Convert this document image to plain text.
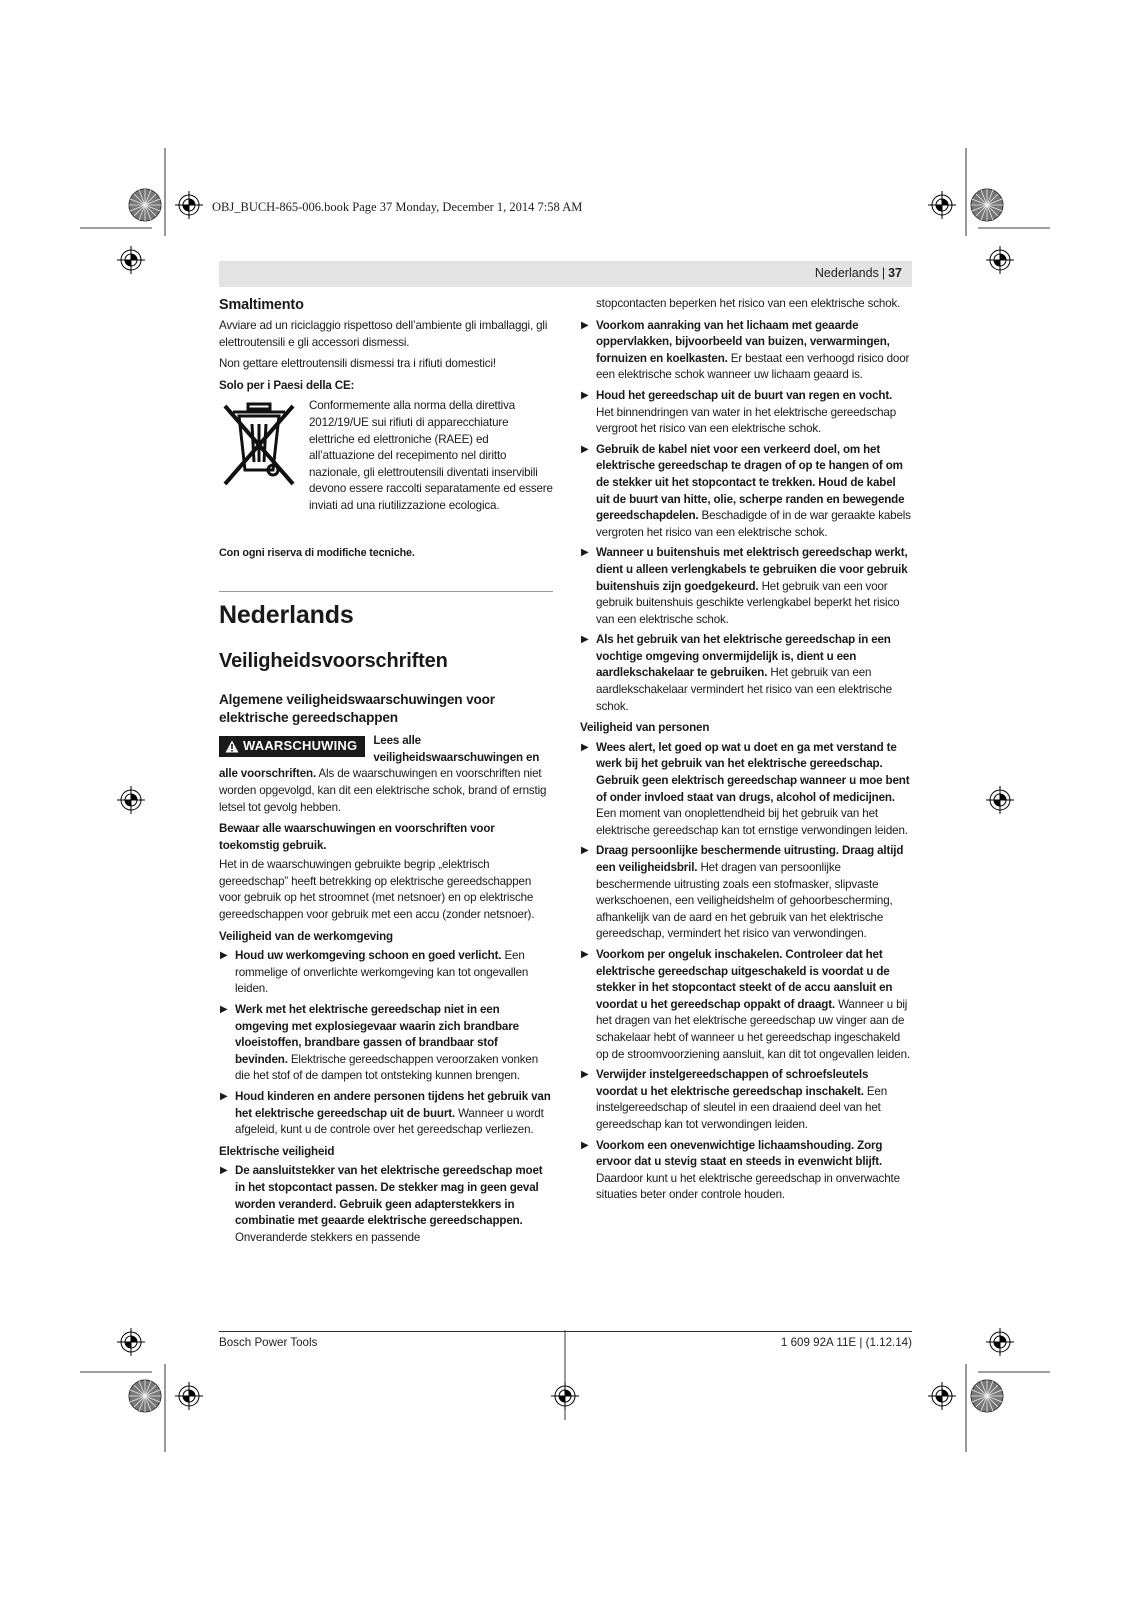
OBJ_BUCH-865-006.book Page 37 Monday, December 1, 2014 7:58 AM
Nederlands | 37
Smaltimento

Avviare ad un riciclaggio rispettoso dell’ambiente gli imballaggi, gli elettroutensili e gli accessori dismessi.

Non gettare elettroutensili dismessi tra i rifiuti domestici!

Solo per i Paesi della CE:
Conformemente alla norma della direttiva 2012/19/UE sui rifiuti di apparecchiature elettriche ed elettroniche (RAEE) ed all’attuazione del recepimento nel diritto nazionale, gli elettroutensili diventati inservibili devono essere raccolti separatamente ed essere inviati ad una riutilizzazione ecologica.
Con ogni riserva di modifiche tecniche.
Nederlands
Veiligheidsvoorschriften
Algemene veiligheidswaarschuwingen voor elektrische gereedschappen

WAARSCHUWING Lees alle veiligheidswaarschuwingen en alle voorschriften. Als de waarschuwingen en voorschriften niet worden opgevolgd, kan dit een elektrische schok, brand of ernstig letsel tot gevolg hebben.

Bewaar alle waarschuwingen en voorschriften voor toekomstig gebruik.

Het in de waarschuwingen gebruikte begrip „elektrisch gereedschap” heeft betrekking op elektrische gereedschappen voor gebruik op het stroomnet (met netsnoer) en op elektrische gereedschappen voor gebruik met een accu (zonder netsnoer).

Veiligheid van de werkomgeving
▶ Houd uw werkomgeving schoon en goed verlicht. Een rommelige of onverlichte werkomgeving kan tot ongevallen leiden.
▶ Werk met het elektrische gereedschap niet in een omgeving met explosiegevaar waarin zich brandbare vloeistoffen, brandbare gassen of brandbaar stof bevinden. Elektrische gereedschappen veroorzaken vonken die het stof of de dampen tot ontsteking kunnen brengen.
▶ Houd kinderen en andere personen tijdens het gebruik van het elektrische gereedschap uit de buurt. Wanneer u wordt afgeleid, kunt u de controle over het gereedschap verliezen.
Elektrische veiligheid
▶ De aansluitstekker van het elektrische gereedschap moet in het stopcontact passen. De stekker mag in geen geval worden veranderd. Gebruik geen adapterstekkers in combinatie met geaarde elektrische gereedschappen. Onveranderde stekkers en passende

stopcontacten beperken het risico van een elektrische schok.

▶ Voorkom aanraking van het lichaam met geaarde oppervlakken, bijvoorbeeld van buizen, verwarmingen, fornuizen en koelkasten. Er bestaat een verhoogd risico door een elektrische schok wanneer uw lichaam geaard is.
▶ Houd het gereedschap uit de buurt van regen en vocht. Het binnendringen van water in het elektrische gereedschap vergroot het risico van een elektrische schok.
▶ Gebruik de kabel niet voor een verkeerd doel, om het elektrische gereedschap te dragen of op te hangen of om de stekker uit het stopcontact te trekken. Houd de kabel uit de buurt van hitte, olie, scherpe randen en bewegende gereedschapdelen. Beschadigde of in de war geraakte kabels vergroten het risico van een elektrische schok.
▶ Wanneer u buitenshuis met elektrisch gereedschap werkt, dient u alleen verlengkabels te gebruiken die voor gebruik buitenshuis zijn goedgekeurd. Het gebruik van een voor gebruik buitenshuis geschikte verlengkabel beperkt het risico van een elektrische schok.
▶ Als het gebruik van het elektrische gereedschap in een vochtige omgeving onvermijdelijk is, dient u een aardlekschakelaar te gebruiken. Het gebruik van een aardlekschakelaar vermindert het risico van een elektrische schok.
Veiligheid van personen
▶ Wees alert, let goed op wat u doet en ga met verstand te werk bij het gebruik van het elektrische gereedschap. Gebruik geen elektrisch gereedschap wanneer u moe bent of onder invloed staat van drugs, alcohol of medicijnen. Een moment van onoplettendheid bij het gebruik van het elektrische gereedschap kan tot ernstige verwondingen leiden.
▶ Draag persoonlijke beschermende uitrusting. Draag altijd een veiligheidsbril. Het dragen van persoonlijke beschermende uitrusting zoals een stofmasker, slipvaste werkschoenen, een veiligheidshelm of gehoorbescherming, afhankelijk van de aard en het gebruik van het elektrische gereedschap, vermindert het risico van verwondingen.
▶ Voorkom per ongeluk inschakelen. Controleer dat het elektrische gereedschap uitgeschakeld is voordat u de stekker in het stopcontact steekt of de accu aansluit en voordat u het gereedschap oppakt of draagt. Wanneer u bij het dragen van het elektrische gereedschap uw vinger aan de schakelaar hebt of wanneer u het gereedschap ingeschakeld op de stroomvoorziening aansluit, kan dit tot ongevallen leiden.
▶ Verwijder instelgereedschappen of schroefsleutels voordat u het elektrische gereedschap inschakelt. Een instelgereedschap of sleutel in een draaiend deel van het gereedschap kan tot verwondingen leiden.
▶ Voorkom een onevenwichtige lichaamshouding. Zorg ervoor dat u stevig staat en steeds in evenwicht blijft. Daardoor kunt u het elektrische gereedschap in onverwachte situaties beter onder controle houden.
Bosch Power Tools	1 609 92A 11E | (1.12.14)
